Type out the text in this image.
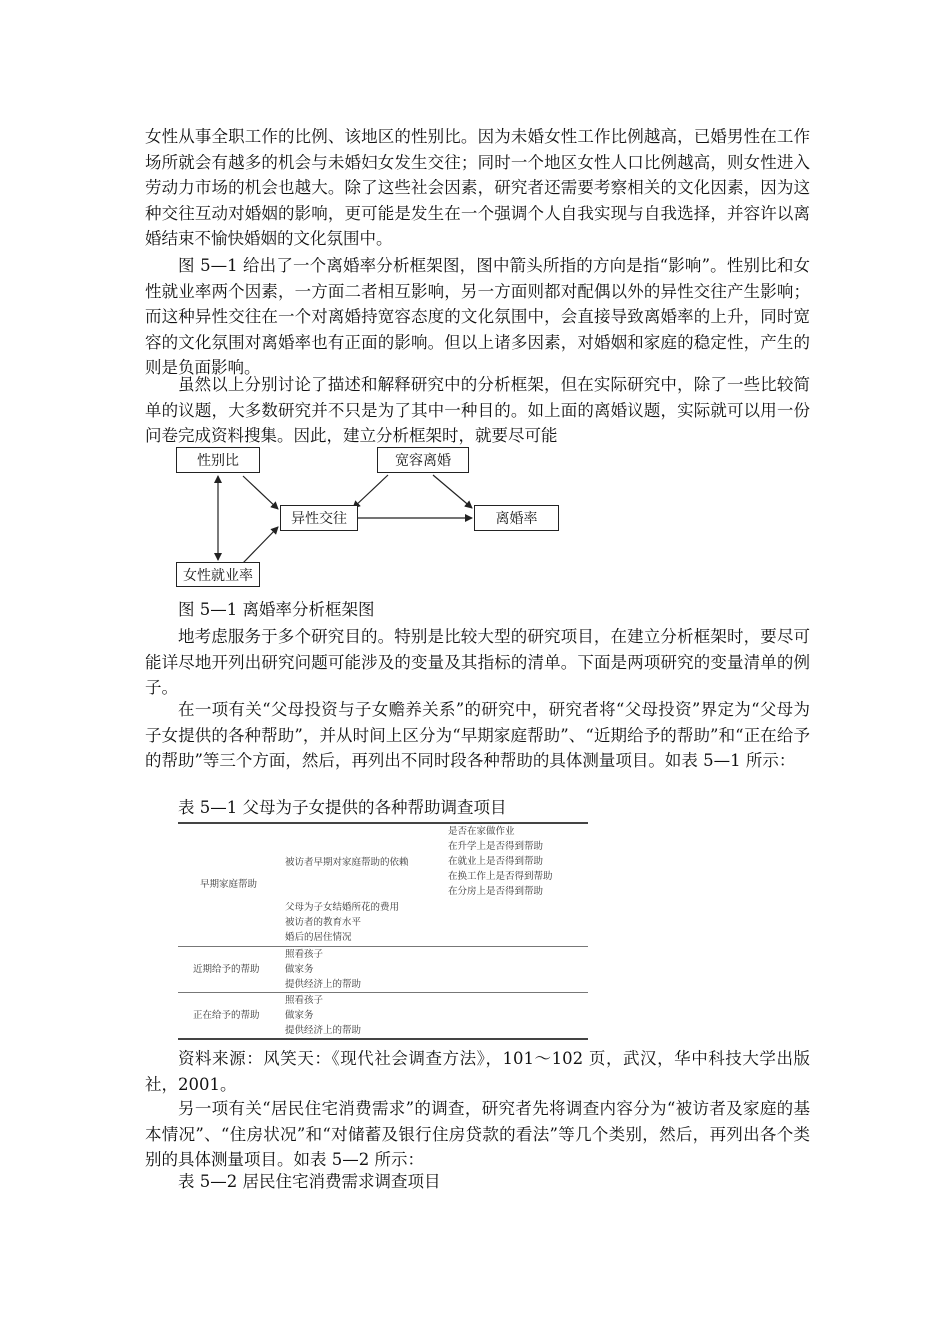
女性从事全职工作的比例、该地区的性别比。因为未婚女性工作比例越高，已婚男性在工作场所就会有越多的机会与未婚妇女发生交往；同时一个地区女性人口比例越高，则女性进入劳动力市场的机会也越大。除了这些社会因素，研究者还需要考察相关的文化因素，因为这种交往互动对婚姻的影响，更可能是发生在一个强调个人自我实现与自我选择，并容许以离婚结束不愉快婚姻的文化氛围中。

图 5—1 给出了一个离婚率分析框架图，图中箭头所指的方向是指“影响”。性别比和女性就业率两个因素，一方面二者相互影响，另一方面则都对配偶以外的异性交往产生影响；而这种异性交往在一个对离婚持宽容态度的文化氛围中，会直接导致离婚率的上升，同时宽容的文化氛围对离婚率也有正面的影响。但以上诸多因素，对婚姻和家庭的稳定性，产生的则是负面影响。

虽然以上分别讨论了描述和解释研究中的分析框架，但在实际研究中，除了一些比较简单的议题，大多数研究并不只是为了其中一种目的。如上面的离婚议题，实际就可以用一份问卷完成资料搜集。因此，建立分析框架时，就要尽可能

性别比	宽容离婚
异性交往	离婚率
女性就业率

图 5—1 离婚率分析框架图

地考虑服务于多个研究目的。特别是比较大型的研究项目，在建立分析框架时，要尽可能详尽地开列出研究问题可能涉及的变量及其指标的清单。下面是两项研究的变量清单的例子。

在一项有关“父母投资与子女赡养关系”的研究中，研究者将“父母投资”界定为“父母为子女提供的各种帮助”，并从时间上区分为“早期家庭帮助”、“近期给予的帮助”和“正在给予的帮助”等三个方面，然后，再列出不同时段各种帮助的具体测量项目。如表 5—1 所示：

表 5—1 父母为子女提供的各种帮助调查项目

早期家庭帮助
被访者早期对家庭帮助的依赖
是否在家做作业
在升学上是否得到帮助
在就业上是否得到帮助
在换工作上是否得到帮助
在分房上是否得到帮助
父母为子女结婚所花的费用
被访者的教育水平
婚后的居住情况
近期给予的帮助
照看孩子
做家务
提供经济上的帮助
正在给予的帮助
照看孩子
做家务
提供经济上的帮助

资料来源：风笑天：《现代社会调查方法》，101～102 页，武汉，华中科技大学出版社，2001。

另一项有关“居民住宅消费需求”的调查，研究者先将调查内容分为“被访者及家庭的基本情况”、“住房状况”和“对储蓄及银行住房贷款的看法”等几个类别，然后，再列出各个类别的具体测量项目。如表 5—2 所示：

表 5—2 居民住宅消费需求调查项目
